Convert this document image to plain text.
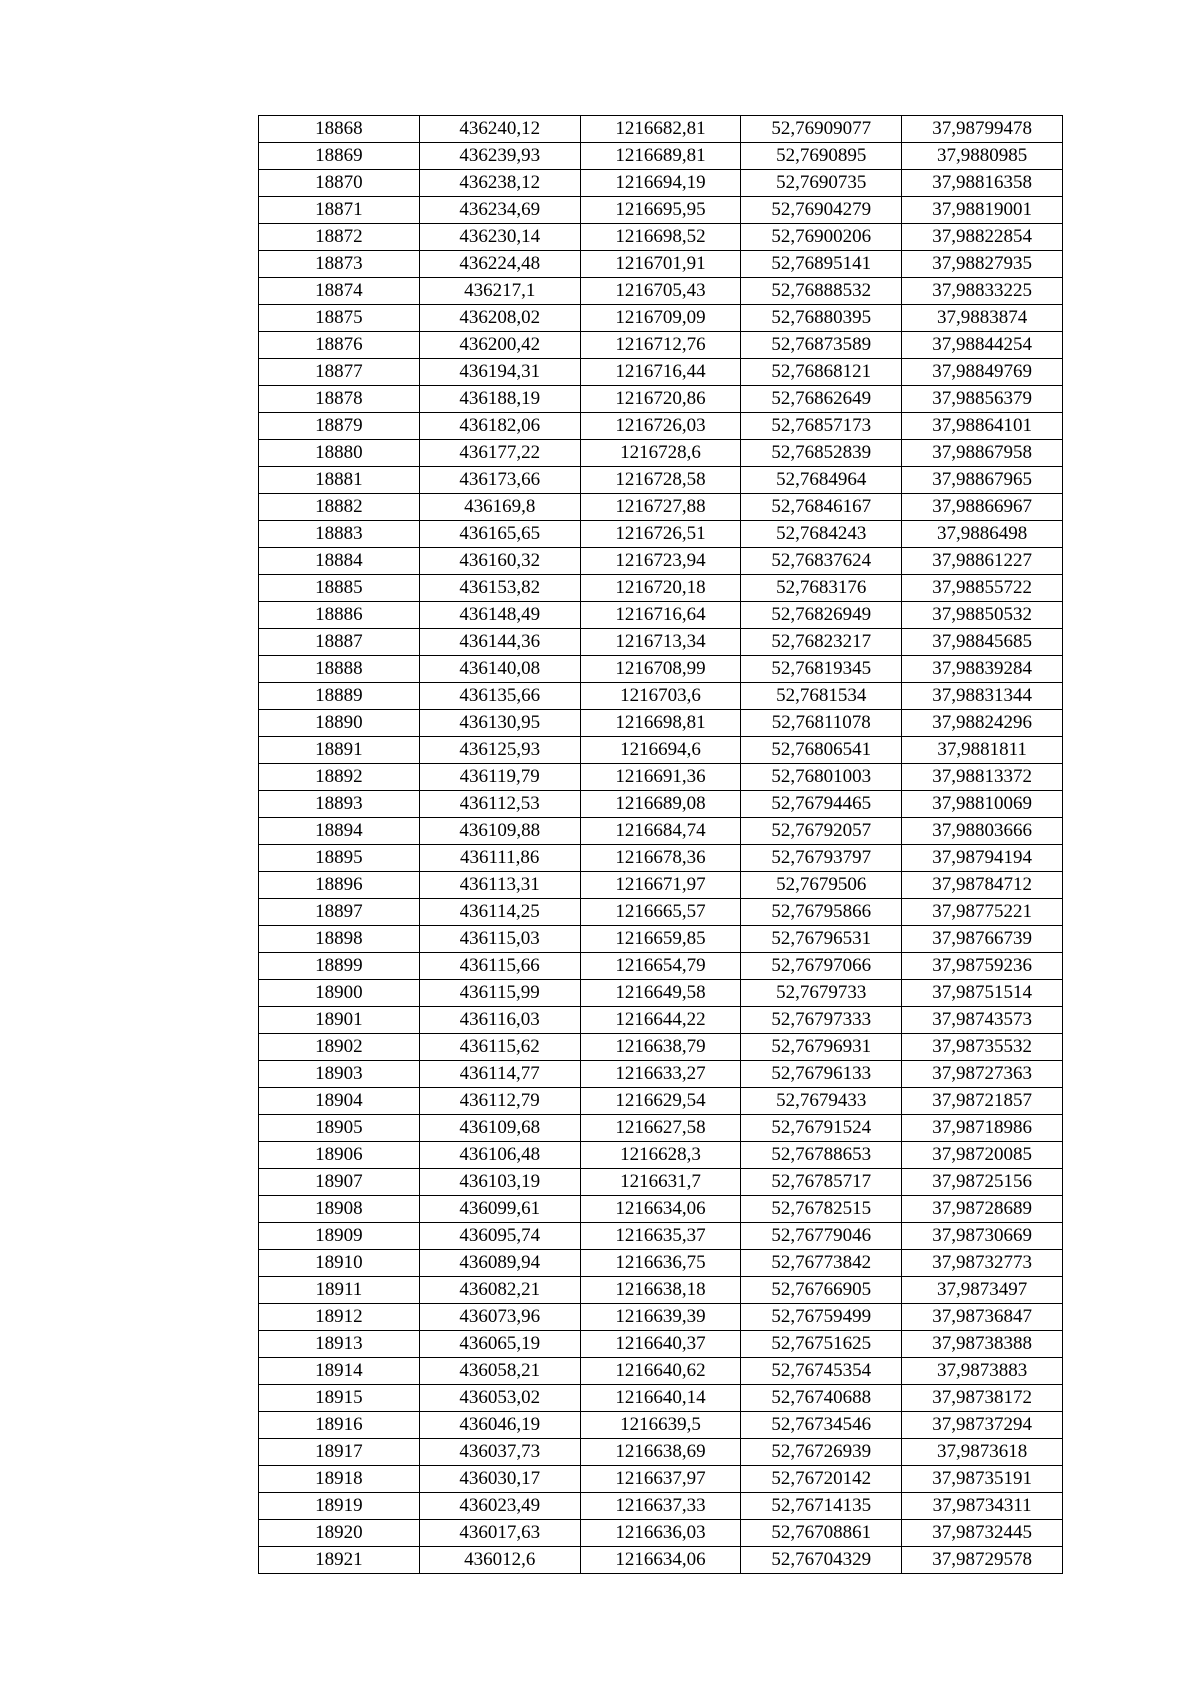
18868	436240,12	1216682,81	52,76909077	37,98799478
18869	436239,93	1216689,81	52,7690895	37,9880985
18870	436238,12	1216694,19	52,7690735	37,98816358
18871	436234,69	1216695,95	52,76904279	37,98819001
18872	436230,14	1216698,52	52,76900206	37,98822854
18873	436224,48	1216701,91	52,76895141	37,98827935
18874	436217,1	1216705,43	52,76888532	37,98833225
18875	436208,02	1216709,09	52,76880395	37,9883874
18876	436200,42	1216712,76	52,76873589	37,98844254
18877	436194,31	1216716,44	52,76868121	37,98849769
18878	436188,19	1216720,86	52,76862649	37,98856379
18879	436182,06	1216726,03	52,76857173	37,98864101
18880	436177,22	1216728,6	52,76852839	37,98867958
18881	436173,66	1216728,58	52,7684964	37,98867965
18882	436169,8	1216727,88	52,76846167	37,98866967
18883	436165,65	1216726,51	52,7684243	37,9886498
18884	436160,32	1216723,94	52,76837624	37,98861227
18885	436153,82	1216720,18	52,7683176	37,98855722
18886	436148,49	1216716,64	52,76826949	37,98850532
18887	436144,36	1216713,34	52,76823217	37,98845685
18888	436140,08	1216708,99	52,76819345	37,98839284
18889	436135,66	1216703,6	52,7681534	37,98831344
18890	436130,95	1216698,81	52,76811078	37,98824296
18891	436125,93	1216694,6	52,76806541	37,9881811
18892	436119,79	1216691,36	52,76801003	37,98813372
18893	436112,53	1216689,08	52,76794465	37,98810069
18894	436109,88	1216684,74	52,76792057	37,98803666
18895	436111,86	1216678,36	52,76793797	37,98794194
18896	436113,31	1216671,97	52,7679506	37,98784712
18897	436114,25	1216665,57	52,76795866	37,98775221
18898	436115,03	1216659,85	52,76796531	37,98766739
18899	436115,66	1216654,79	52,76797066	37,98759236
18900	436115,99	1216649,58	52,7679733	37,98751514
18901	436116,03	1216644,22	52,76797333	37,98743573
18902	436115,62	1216638,79	52,76796931	37,98735532
18903	436114,77	1216633,27	52,76796133	37,98727363
18904	436112,79	1216629,54	52,7679433	37,98721857
18905	436109,68	1216627,58	52,76791524	37,98718986
18906	436106,48	1216628,3	52,76788653	37,98720085
18907	436103,19	1216631,7	52,76785717	37,98725156
18908	436099,61	1216634,06	52,76782515	37,98728689
18909	436095,74	1216635,37	52,76779046	37,98730669
18910	436089,94	1216636,75	52,76773842	37,98732773
18911	436082,21	1216638,18	52,76766905	37,9873497
18912	436073,96	1216639,39	52,76759499	37,98736847
18913	436065,19	1216640,37	52,76751625	37,98738388
18914	436058,21	1216640,62	52,76745354	37,9873883
18915	436053,02	1216640,14	52,76740688	37,98738172
18916	436046,19	1216639,5	52,76734546	37,98737294
18917	436037,73	1216638,69	52,76726939	37,9873618
18918	436030,17	1216637,97	52,76720142	37,98735191
18919	436023,49	1216637,33	52,76714135	37,98734311
18920	436017,63	1216636,03	52,76708861	37,98732445
18921	436012,6	1216634,06	52,76704329	37,98729578
